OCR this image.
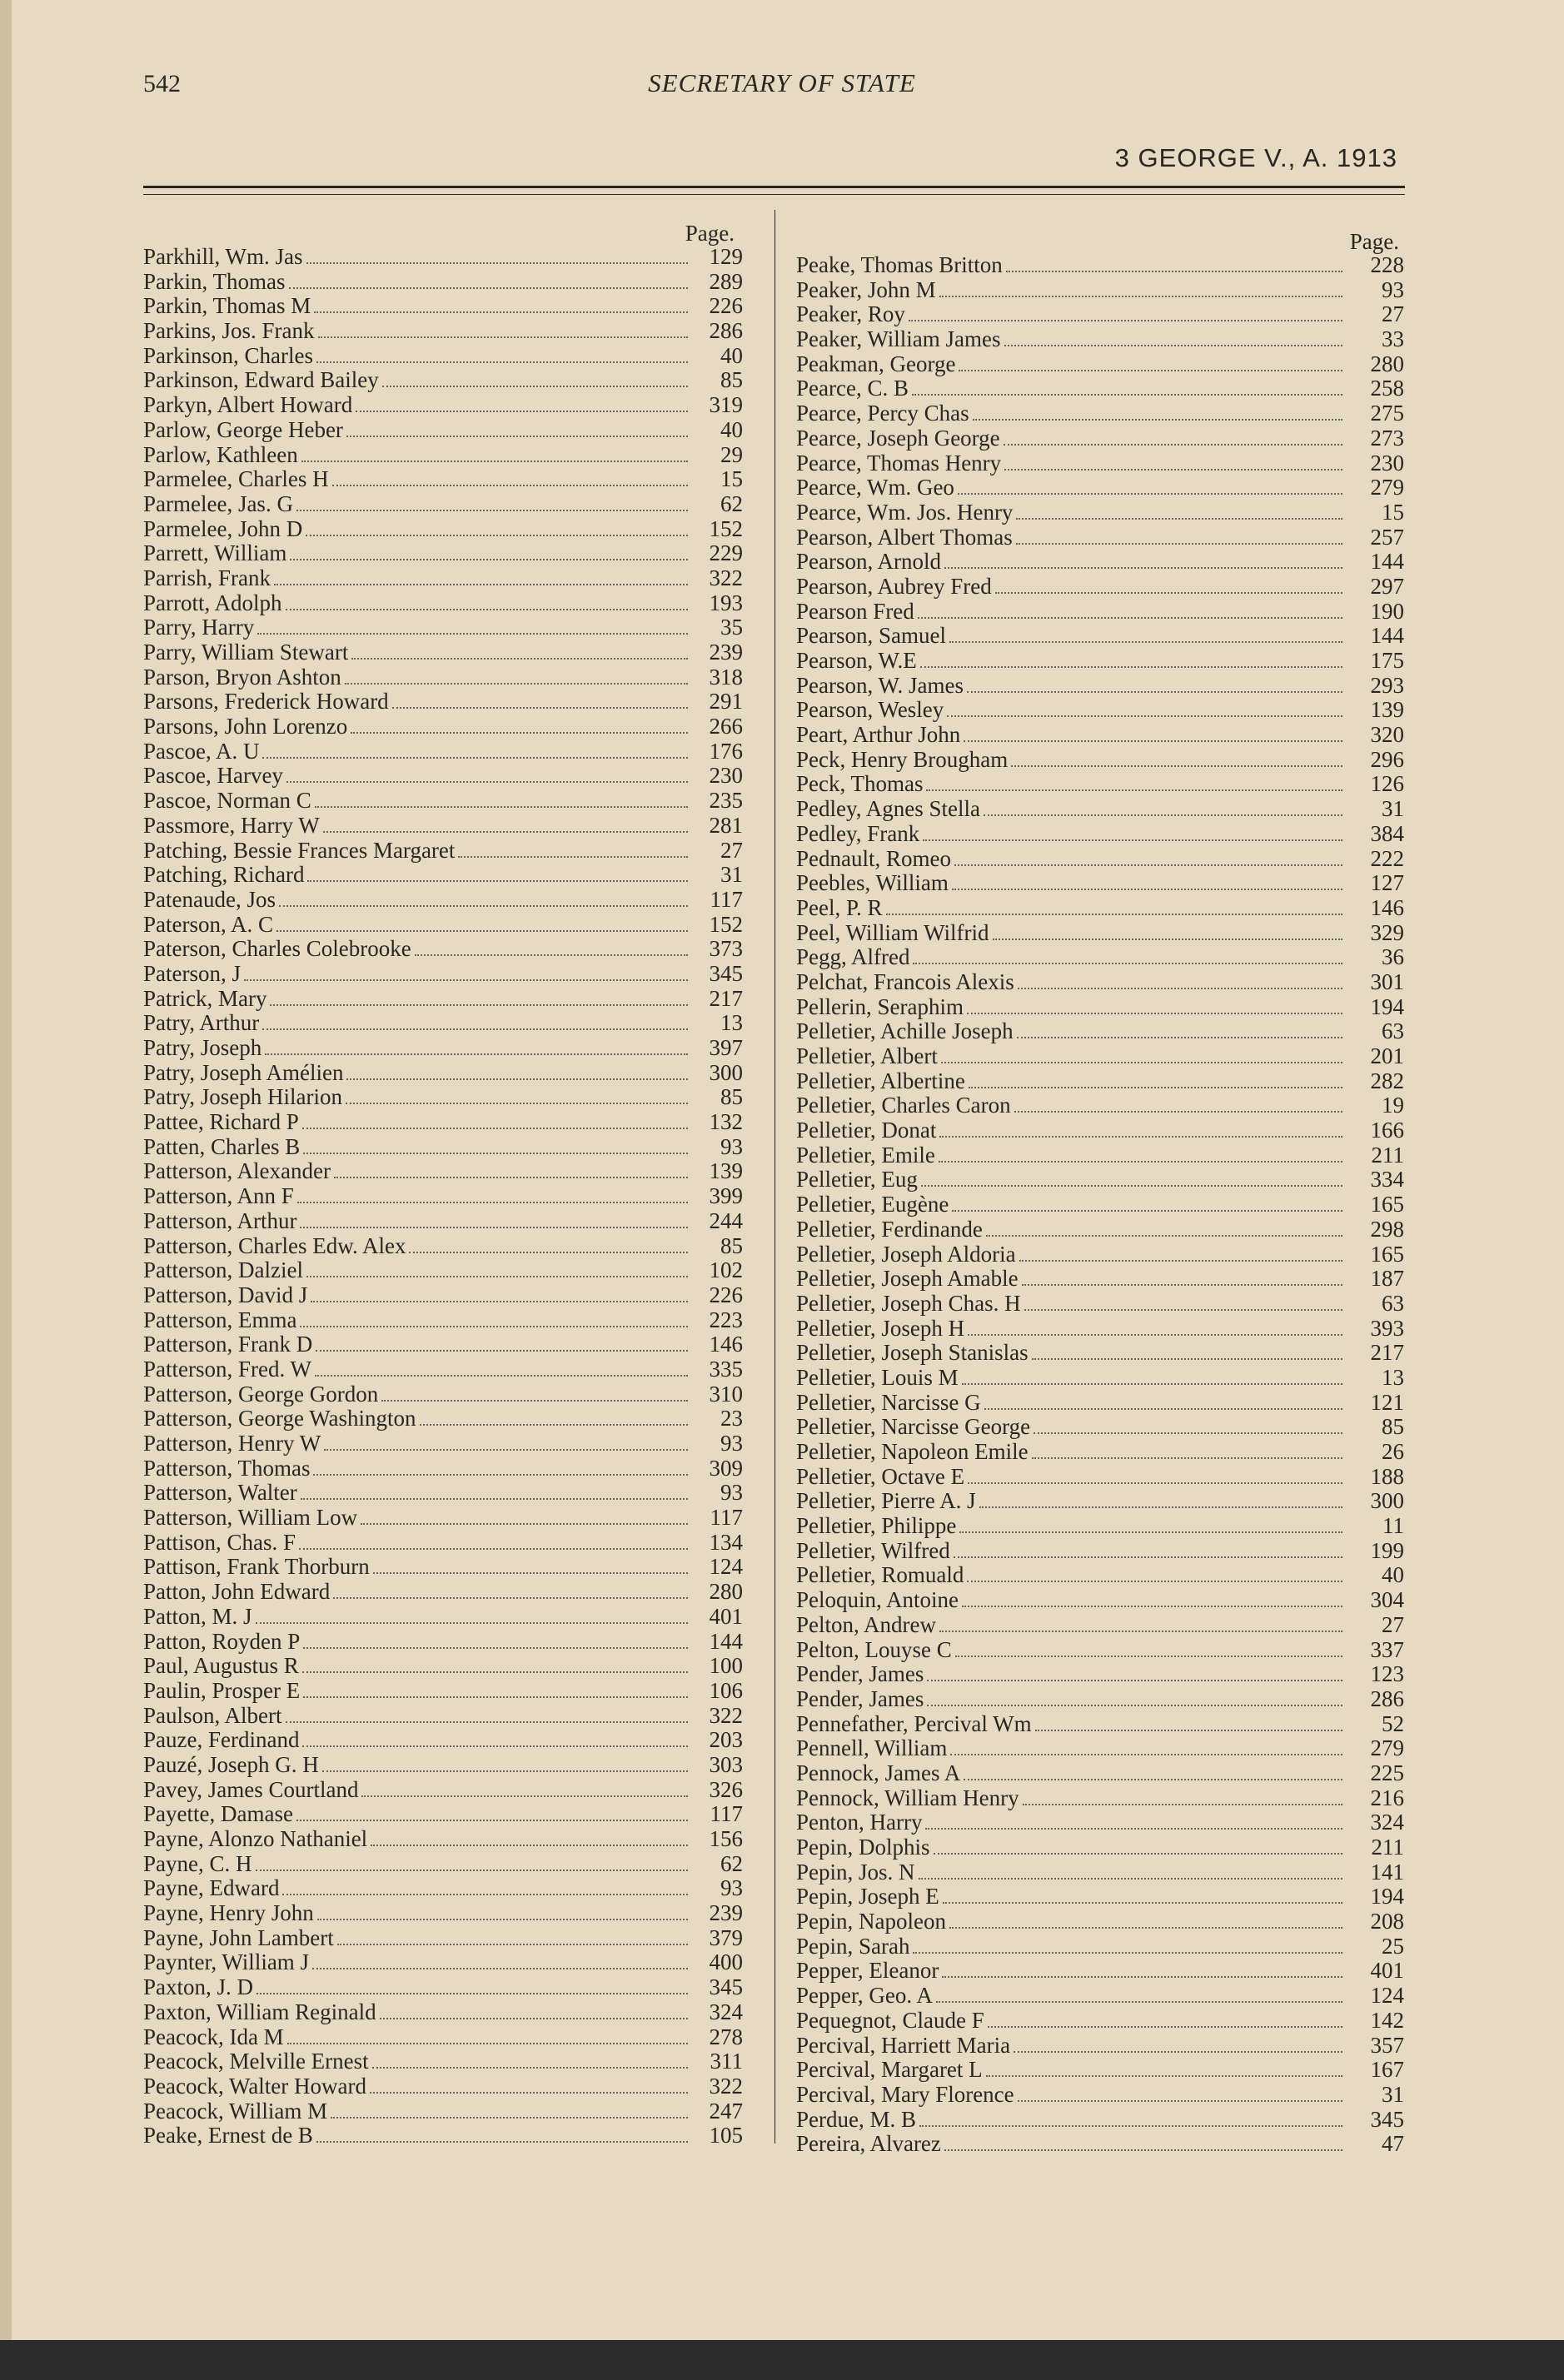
542	SECRETARY OF STATE
3 GEORGE V., A. 1913
Page.
Parkhill, Wm. Jas	129
Parkin, Thomas	289
Parkin, Thomas M	226
Parkins, Jos. Frank	286
Parkinson, Charles	40
Parkinson, Edward Bailey	85
Parkyn, Albert Howard	319
Parlow, George Heber	40
Parlow, Kathleen	29
Parmelee, Charles H	15
Parmelee, Jas. G	62
Parmelee, John D	152
Parrett, William	229
Parrish, Frank	322
Parrott, Adolph	193
Parry, Harry	35
Parry, William Stewart	239
Parson, Bryon Ashton	318
Parsons, Frederick Howard	291
Parsons, John Lorenzo	266
Pascoe, A. U	176
Pascoe, Harvey	230
Pascoe, Norman C	235
Passmore, Harry W	281
Patching, Bessie Frances Margaret	27
Patching, Richard	31
Patenaude, Jos	117
Paterson, A. C	152
Paterson, Charles Colebrooke	373
Paterson, J	345
Patrick, Mary	217
Patry, Arthur	13
Patry, Joseph	397
Patry, Joseph Amélien	300
Patry, Joseph Hilarion	85
Pattee, Richard P	132
Patten, Charles B	93
Patterson, Alexander	139
Patterson, Ann F	399
Patterson, Arthur	244
Patterson, Charles Edw. Alex	85
Patterson, Dalziel	102
Patterson, David J	226
Patterson, Emma	223
Patterson, Frank D	146
Patterson, Fred. W	335
Patterson, George Gordon	310
Patterson, George Washington	23
Patterson, Henry W	93
Patterson, Thomas	309
Patterson, Walter	93
Patterson, William Low	117
Pattison, Chas. F	134
Pattison, Frank Thorburn	124
Patton, John Edward	280
Patton, M. J	401
Patton, Royden P	144
Paul, Augustus R	100
Paulin, Prosper E	106
Paulson, Albert	322
Pauze, Ferdinand	203
Pauzé, Joseph G. H	303
Pavey, James Courtland	326
Payette, Damase	117
Payne, Alonzo Nathaniel	156
Payne, C. H	62
Payne, Edward	93
Payne, Henry John	239
Payne, John Lambert	379
Paynter, William J	400
Paxton, J. D	345
Paxton, William Reginald	324
Peacock, Ida M	278
Peacock, Melville Ernest	311
Peacock, Walter Howard	322
Peacock, William M	247
Peake, Ernest de B	105
Page.
Peake, Thomas Britton	228
Peaker, John M	93
Peaker, Roy	27
Peaker, William James	33
Peakman, George	280
Pearce, C. B	258
Pearce, Percy Chas	275
Pearce, Joseph George	273
Pearce, Thomas Henry	230
Pearce, Wm. Geo	279
Pearce, Wm. Jos. Henry	15
Pearson, Albert Thomas	257
Pearson, Arnold	144
Pearson, Aubrey Fred	297
Pearson Fred	190
Pearson, Samuel	144
Pearson, W.E	175
Pearson, W. James	293
Pearson, Wesley	139
Peart, Arthur John	320
Peck, Henry Brougham	296
Peck, Thomas	126
Pedley, Agnes Stella	31
Pedley, Frank	384
Pednault, Romeo	222
Peebles, William	127
Peel, P. R	146
Peel, William Wilfrid	329
Pegg, Alfred	36
Pelchat, Francois Alexis	301
Pellerin, Seraphim	194
Pelletier, Achille Joseph	63
Pelletier, Albert	201
Pelletier, Albertine	282
Pelletier, Charles Caron	19
Pelletier, Donat	166
Pelletier, Emile	211
Pelletier, Eug	334
Pelletier, Eugène	165
Pelletier, Ferdinande	298
Pelletier, Joseph Aldoria	165
Pelletier, Joseph Amable	187
Pelletier, Joseph Chas. H	63
Pelletier, Joseph H	393
Pelletier, Joseph Stanislas	217
Pelletier, Louis M	13
Pelletier, Narcisse G	121
Pelletier, Narcisse George	85
Pelletier, Napoleon Emile	26
Pelletier, Octave E	188
Pelletier, Pierre A. J	300
Pelletier, Philippe	11
Pelletier, Wilfred	199
Pelletier, Romuald	40
Peloquin, Antoine	304
Pelton, Andrew	27
Pelton, Louyse C	337
Pender, James	123
Pender, James	286
Pennefather, Percival Wm	52
Pennell, William	279
Pennock, James A	225
Pennock, William Henry	216
Penton, Harry	324
Pepin, Dolphis	211
Pepin, Jos. N	141
Pepin, Joseph E	194
Pepin, Napoleon	208
Pepin, Sarah	25
Pepper, Eleanor	401
Pepper, Geo. A	124
Pequegnot, Claude F	142
Percival, Harriett Maria	357
Percival, Margaret L	167
Percival, Mary Florence	31
Perdue, M. B	345
Pereira, Alvarez	47
